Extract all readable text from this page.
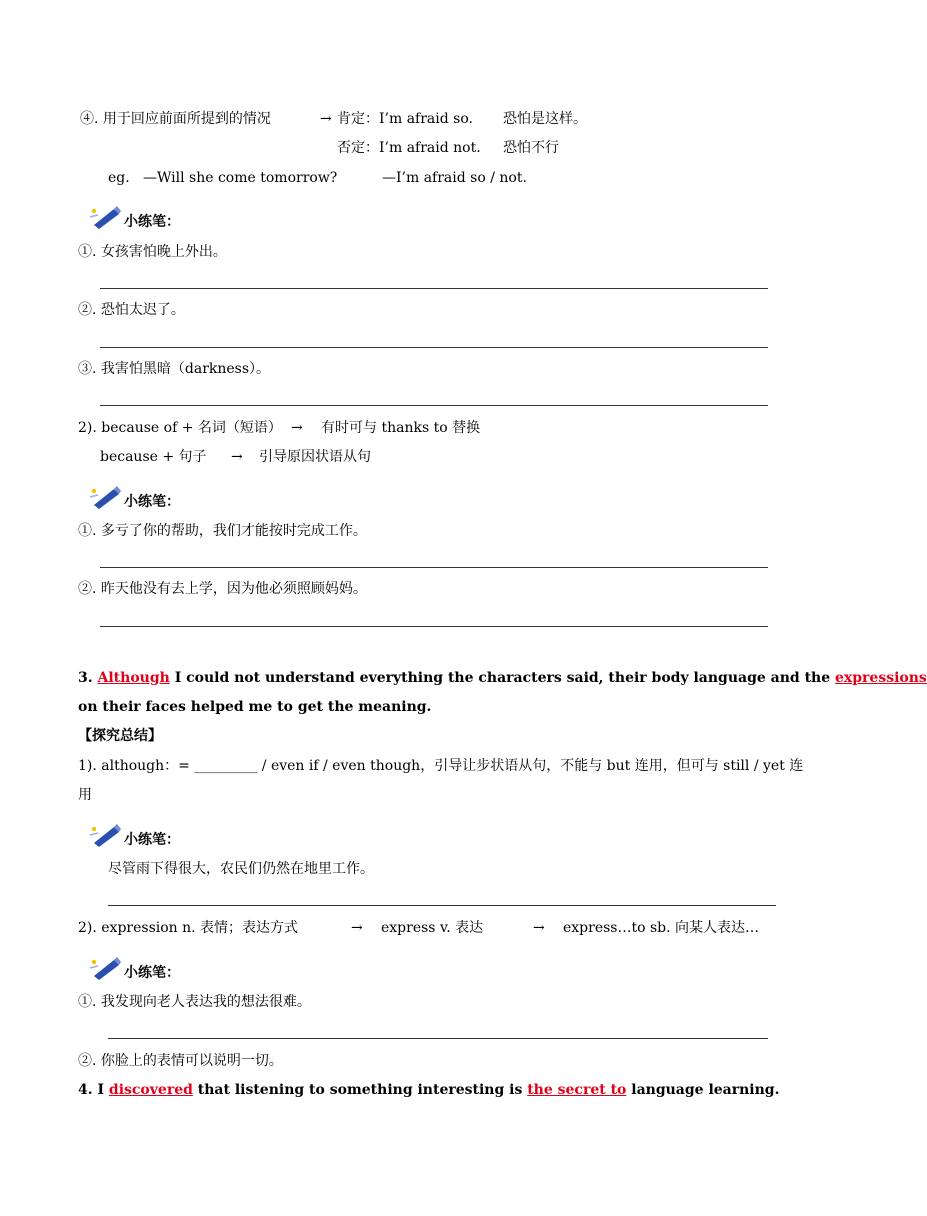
④. 用于回应前面所提到的情况	→ 肯定：I’m afraid so. 恐怕是这样。
否定：I’m afraid not. 恐怕不行
eg. —Will she come tomorrow?	—I’m afraid so / not.
小练笔：
①. 女孩害怕晚上外出。
②. 恐怕太迟了。
③. 我害怕黑暗（darkness）。
2). because of + 名词（短语） → 有时可与 thanks to 替换
because + 句子 → 引导原因状语从句
小练笔：
①. 多亏了你的帮助，我们才能按时完成工作。
②. 昨天他没有去上学，因为他必须照顾妈妈。
3. Although I could not understand everything the characters said, their body language and the expressions
on their faces helped me to get the meaning.
【探究总结】
1). although：= _________ / even if / even though，引导让步状语从句，不能与 but 连用，但可与 still / yet 连
用
小练笔：
尽管雨下得很大，农民们仍然在地里工作。
2). expression n. 表情；表达方式	→ express v. 表达	→ express…to sb. 向某人表达…
小练笔：
①. 我发现向老人表达我的想法很难。
②. 你脸上的表情可以说明一切。
4. I discovered that listening to something interesting is the secret to language learning.
